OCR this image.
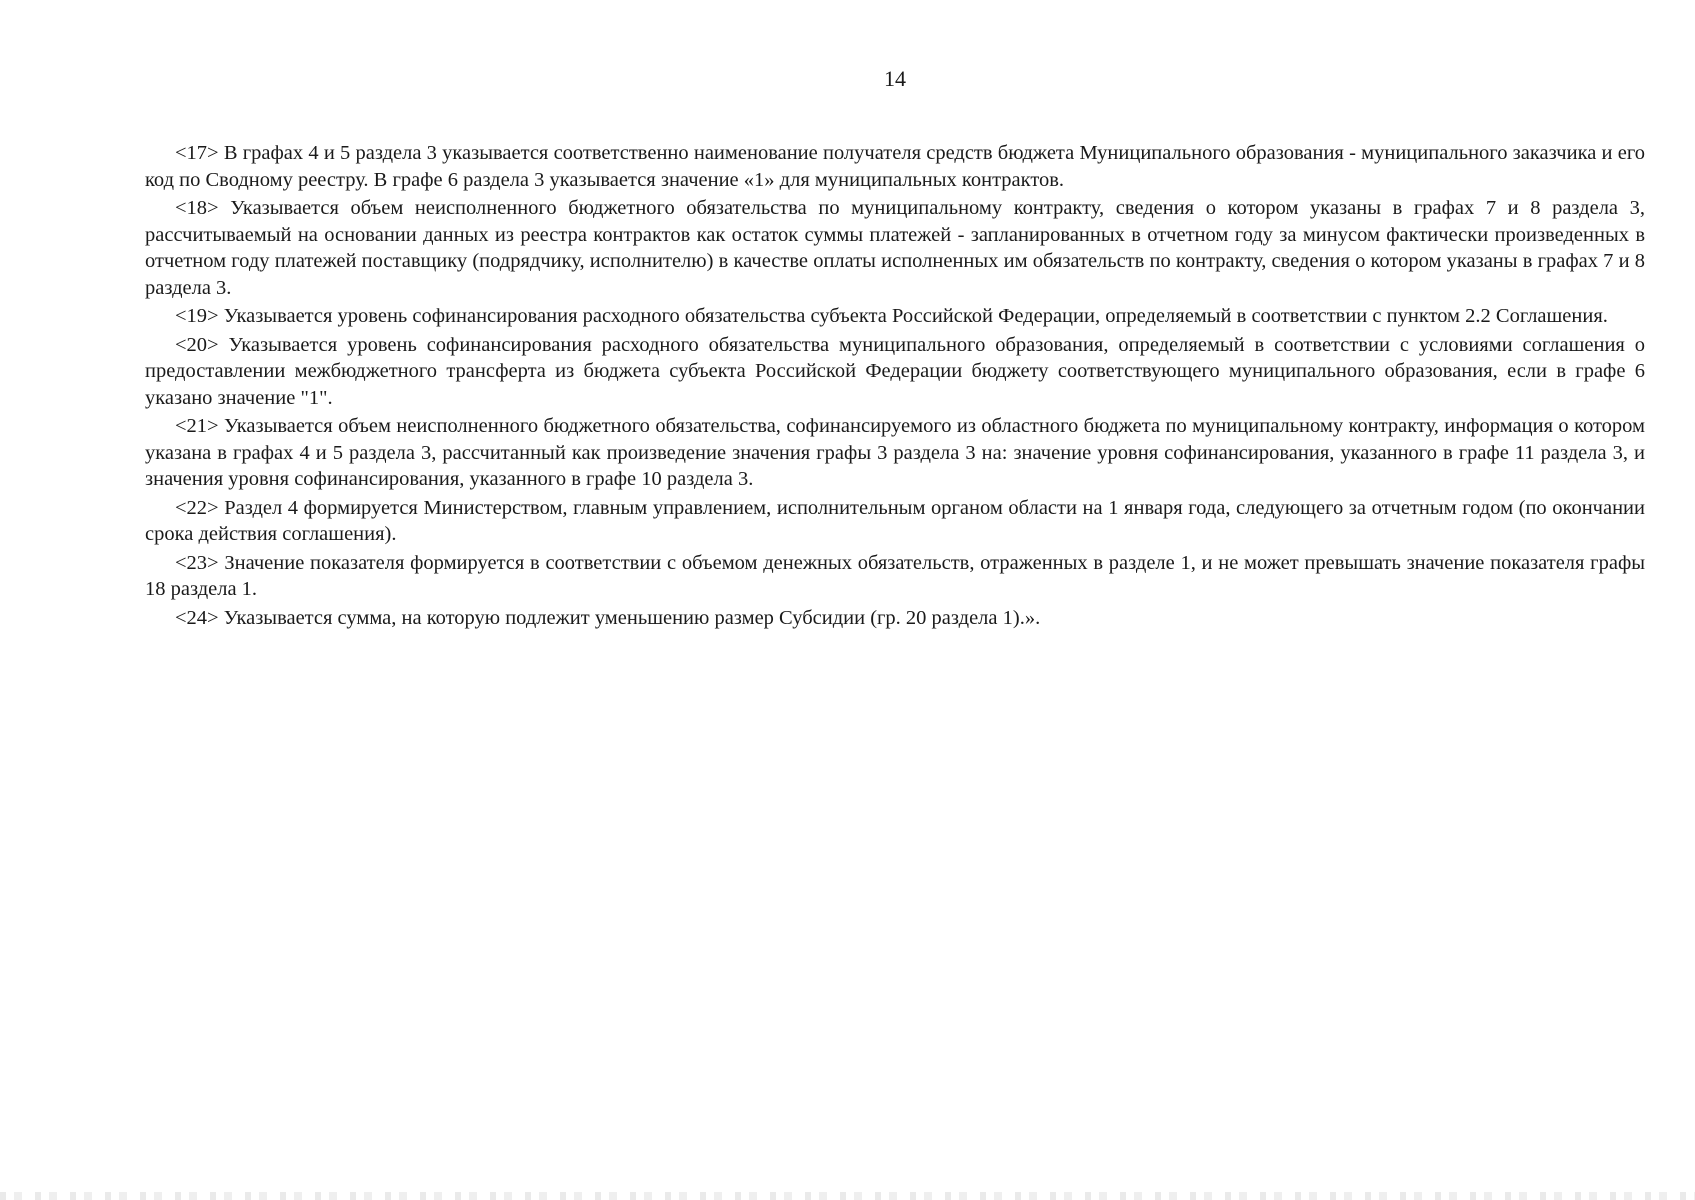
14

<17> В графах 4 и 5 раздела 3 указывается соответственно наименование получателя средств бюджета Муниципального образования - муниципального заказчика и его код по Сводному реестру. В графе 6 раздела 3 указывается значение «1» для муниципальных контрактов.

<18> Указывается объем неисполненного бюджетного обязательства по муниципальному контракту, сведения о котором указаны в графах 7 и 8 раздела 3, рассчитываемый на основании данных из реестра контрактов как остаток суммы платежей - запланированных в отчетном году за минусом фактически произведенных в отчетном году платежей поставщику (подрядчику, исполнителю) в качестве оплаты исполненных им обязательств по контракту, сведения о котором указаны в графах 7 и 8 раздела 3.

<19> Указывается уровень софинансирования расходного обязательства субъекта Российской Федерации, определяемый в соответствии с пунктом 2.2 Соглашения.

<20> Указывается уровень софинансирования расходного обязательства муниципального образования, определяемый в соответствии с условиями соглашения о предоставлении межбюджетного трансферта из бюджета субъекта Российской Федерации бюджету соответствующего муниципального образования, если в графе 6 указано значение "1".

<21> Указывается объем неисполненного бюджетного обязательства, софинансируемого из областного бюджета по муниципальному контракту, информация о котором указана в графах 4 и 5 раздела 3, рассчитанный как произведение значения графы 3 раздела 3 на: значение уровня софинансирования, указанного в графе 11 раздела 3, и значения уровня софинансирования, указанного в графе 10 раздела 3.

<22> Раздел 4 формируется Министерством, главным управлением, исполнительным органом области на 1 января года, следующего за отчетным годом (по окончании срока действия соглашения).

<23> Значение показателя формируется в соответствии с объемом денежных обязательств, отраженных в разделе 1, и не может превышать значение показателя графы 18 раздела 1.

<24> Указывается сумма, на которую подлежит уменьшению размер Субсидии (гр. 20 раздела 1).».
